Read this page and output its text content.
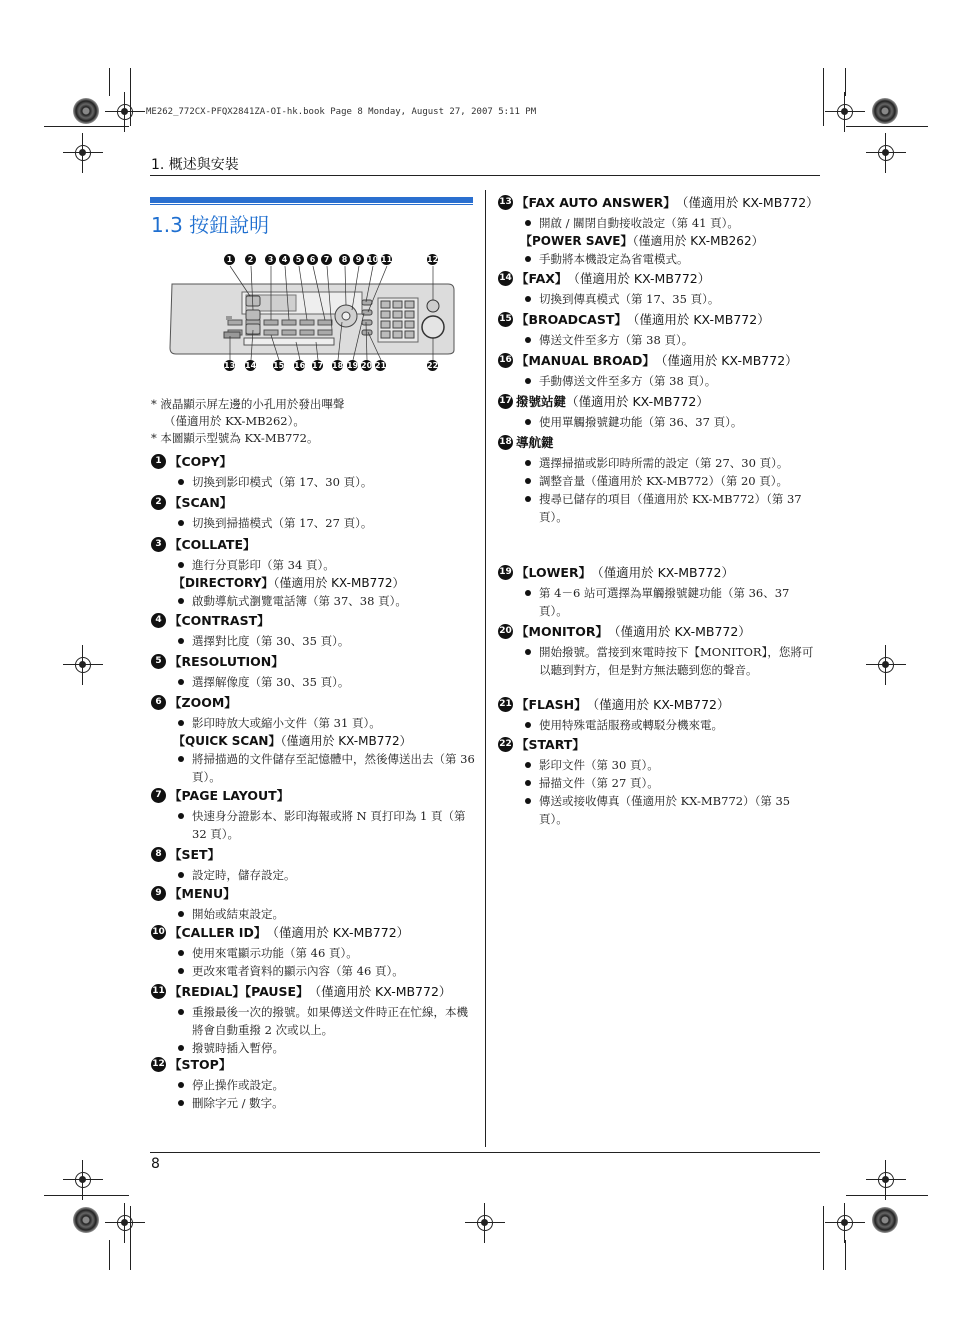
ME262_772CX-PFQX2841ZA-OI-hk.book Page 8 Monday, August 27, 2007 5:11 PM
1. 概述與安裝
1.3 按鈕說明
1	2	3	4	5	6	7	8	9 10 11	12
13 14 15 16 17 18 19 20 21	22
* 液晶顯示屏左邊的小孔用於發出嗶聲
（僅適用於 KX-MB262）。
* 本圖顯示型號為 KX-MB772。
1 【COPY】
切換到影印模式（第 17、30 頁）。
2 【SCAN】
切換到掃描模式（第 17、27 頁）。
3 【COLLATE】
進行分頁影印（第 34 頁）。
【DIRECTORY】（僅適用於 KX-MB772）
啟動導航式瀏覽電話簿（第 37、38 頁）。
4 【CONTRAST】
選擇對比度（第 30、35 頁）。
5 【RESOLUTION】
選擇解像度（第 30、35 頁）。
6 【ZOOM】
影印時放大或縮小文件（第 31 頁）。
【QUICK SCAN】（僅適用於 KX-MB772）
將掃描過的文件儲存至記憶體中，然後傳送出去（第 36 頁）。
7 【PAGE LAYOUT】
快速身分證影本、影印海報或將 N 頁打印為 1 頁（第 32 頁）。
8 【SET】
設定時，儲存設定。
9 【MENU】
開始或結束設定。
10 【CALLER ID】 （僅適用於 KX-MB772）
使用來電顯示功能（第 46 頁）。
更改來電者資料的顯示內容（第 46 頁）。
11 【REDIAL】【PAUSE】 （僅適用於 KX-MB772）
重撥最後一次的撥號。如果傳送文件時正在忙線，本機將會自動重撥 2 次或以上。
撥號時插入暫停。
12 【STOP】
停止操作或設定。
刪除字元 / 數字。
13 【FAX AUTO ANSWER】 （僅適用於 KX-MB772）
開啟 / 關閉自動接收設定（第 41 頁）。
【POWER SAVE】（僅適用於 KX-MB262）
手動將本機設定為省電模式。
14 【FAX】 （僅適用於 KX-MB772）
切換到傳真模式（第 17、35 頁）。
15 【BROADCAST】 （僅適用於 KX-MB772）
傳送文件至多方（第 38 頁）。
16 【MANUAL BROAD】 （僅適用於 KX-MB772）
手動傳送文件至多方（第 38 頁）。
17 撥號站鍵 （僅適用於 KX-MB772）
使用單觸撥號鍵功能（第 36、37 頁）。
18 導航鍵
選擇掃描或影印時所需的設定（第 27、30 頁）。
調整音量（僅適用於 KX-MB772）（第 20 頁）。
搜尋已儲存的項目（僅適用於 KX-MB772）（第 37 頁）。
19 【LOWER】 （僅適用於 KX-MB772）
第 4－6 站可選擇為單觸撥號鍵功能（第 36、37 頁）。
20 【MONITOR】 （僅適用於 KX-MB772）
開始撥號。當接到來電時按下【MONITOR】，您將可以聽到對方，但是對方無法聽到您的聲音。
21 【FLASH】 （僅適用於 KX-MB772）
使用特殊電話服務或轉駁分機來電。
22 【START】
影印文件（第 30 頁）。
掃描文件（第 27 頁）。
傳送或接收傳真（僅適用於 KX-MB772）（第 35 頁）。
8
